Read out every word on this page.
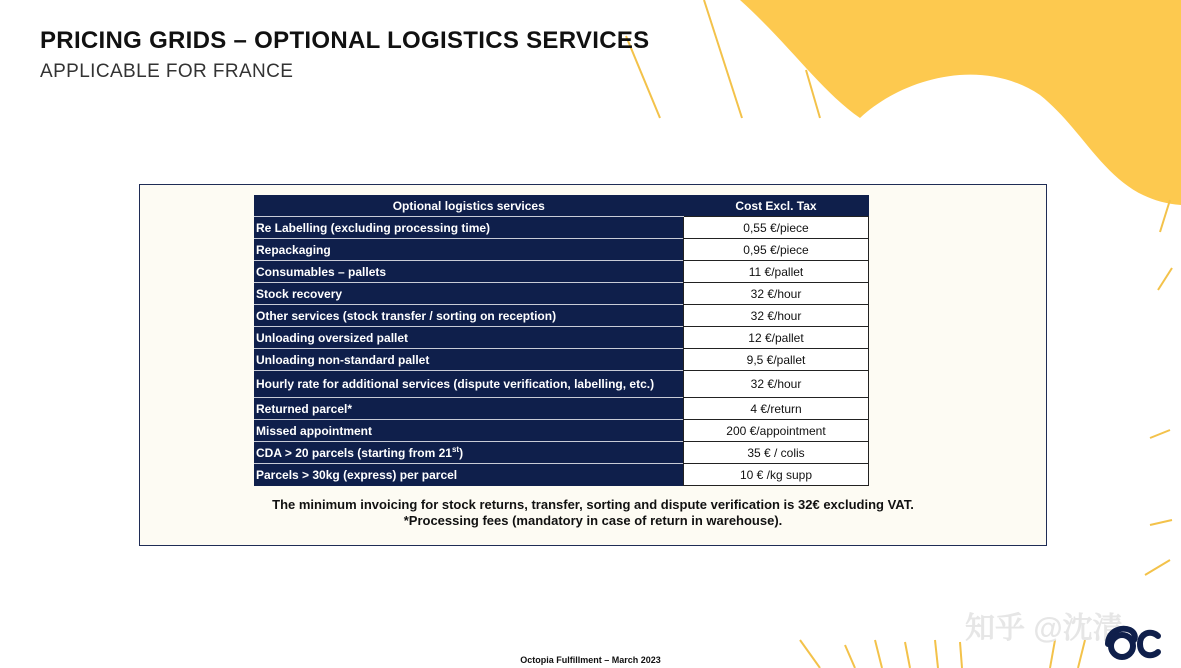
PRICING GRIDS – OPTIONAL LOGISTICS SERVICES
APPLICABLE FOR FRANCE
Optional logistics services	Cost Excl. Tax
Re Labelling (excluding processing time)	0,55 €/piece
Repackaging	0,95 €/piece
Consumables – pallets	11 €/pallet
Stock recovery	32 €/hour
Other services (stock transfer / sorting on reception)	32 €/hour
Unloading oversized pallet	12 €/pallet
Unloading non-standard pallet	9,5 €/pallet
Hourly rate for additional services (dispute verification, labelling, etc.)	32 €/hour
Returned parcel*	4 €/return
Missed appointment	200 €/appointment
CDA > 20 parcels (starting from 21st)	35 € / colis
Parcels > 30kg (express) per parcel	10 € /kg supp
The minimum invoicing for stock returns, transfer, sorting and dispute verification is 32€ excluding VAT.
*Processing fees (mandatory in case of return in warehouse).
知乎 @沈清
Octopia Fulfillment – March 2023
